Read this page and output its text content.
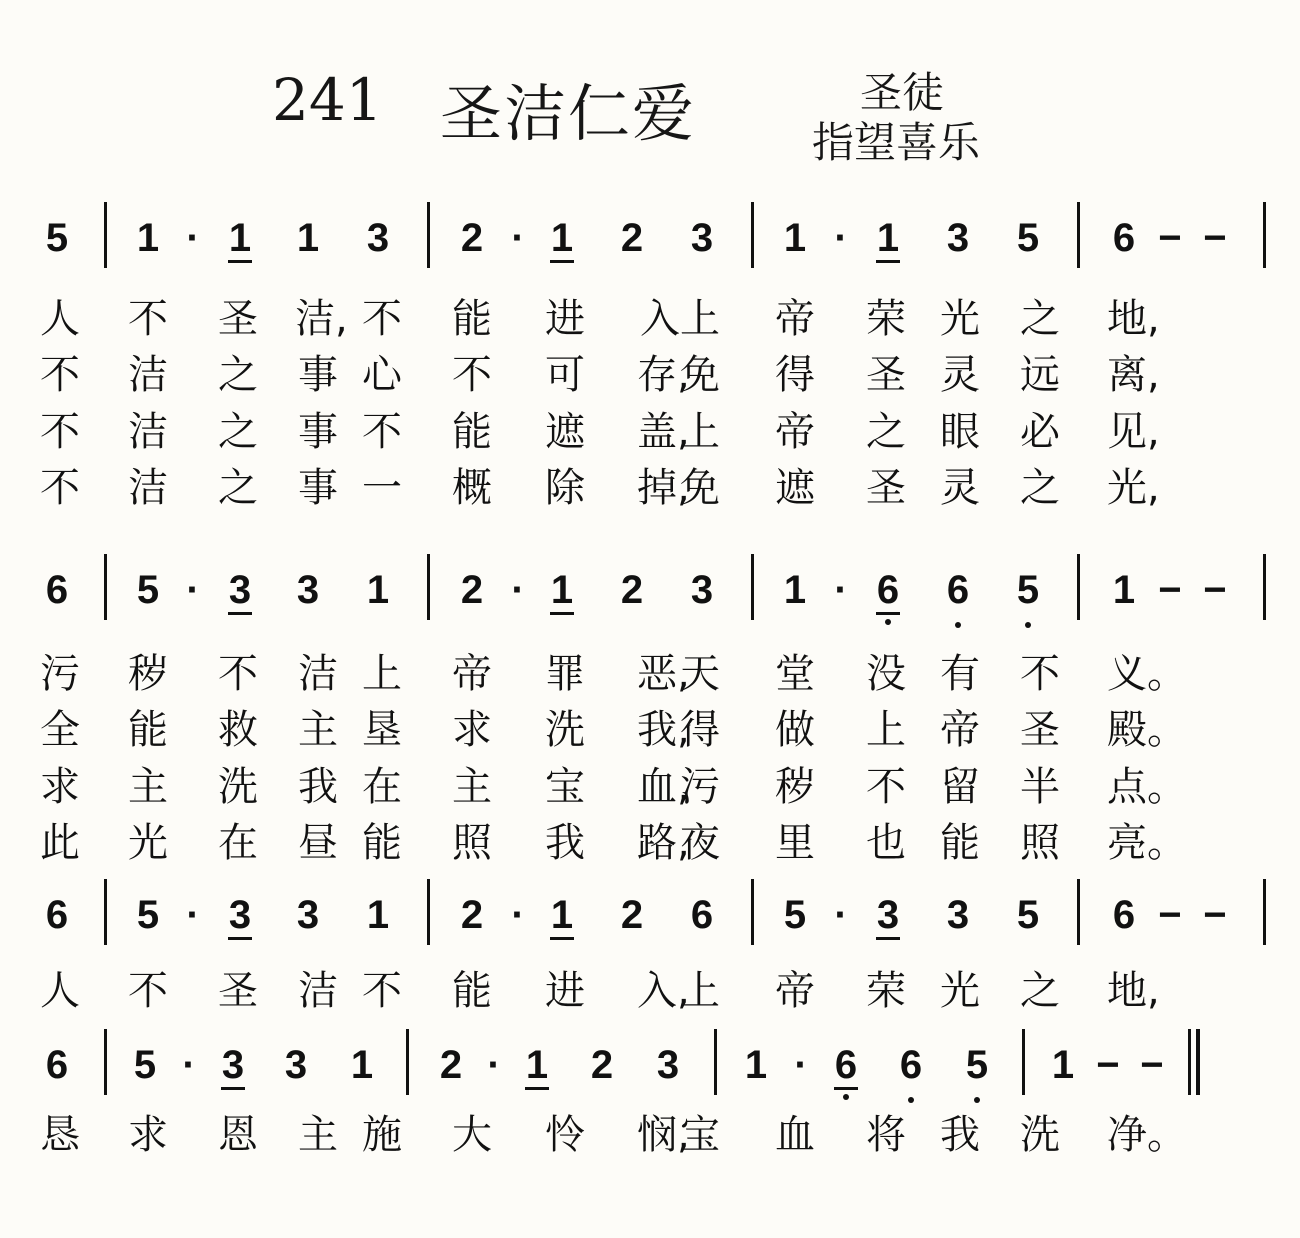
241 圣洁仁爱	圣徒
指望喜乐
5 1 · 1 1 3 2 · 1 2 3 1 · 1 3 5 6 − −
6 5 · 3 3 1 2 · 1 2 3 1 · 6 6 5 1 − −
6 5 · 3 3 1 2 · 1 2 6 5 · 3 3 5 6 − −
6 5 · 3 3 1 2 · 1 2 3 1 · 6 6 5 1 − −
人 不 圣 洁, 不 能 进 入 上 帝 荣 光 之 地,
不 洁 之 事 心 不 可 存,
免 得 圣 灵 远 离,
不 洁 之 事 不 能 遮 盖,
上 帝 之 眼 必 见,
不 洁 之 事 一 概 除 掉,
免 遮 圣 灵 之 光,
污 秽 不 洁 上 帝 罪 恶,
天 堂 没 有 不 义。
全 能 救 主 垦 求 洗 我,
得 做 上 帝 圣 殿。
求 主 洗 我 在 主 宝 血,
污 秽 不 留 半 点。
此 光 在 昼 能 照 我 路,
夜 里 也 能 照 亮。
人 不 圣 洁 不 能 进 入,
上 帝 荣 光 之 地,
恳 求 恩 主 施 大 怜 悯,
宝 血 将 我 洗 净。
